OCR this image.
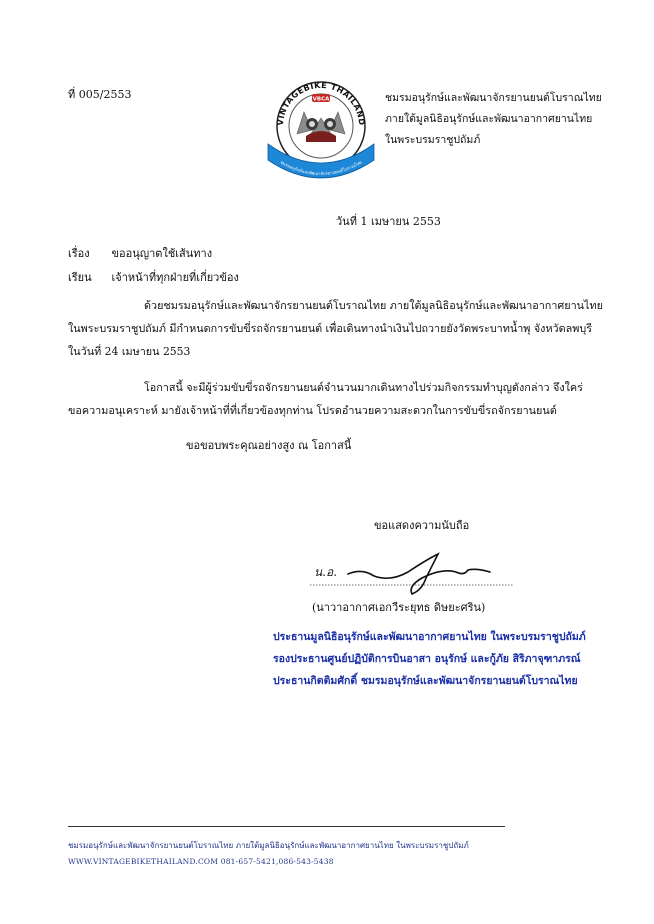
ที่ 005/2553
VINTAGEBIKE THAILAND
VBCA
ชมรมอนุรักษ์และพัฒนาจักรยานยนต์โบราณไทย
ชมรมอนุรักษ์และพัฒนาจักรยานยนต์โบราณไทย
ภายใต้มูลนิธิอนุรักษ์และพัฒนาอากาศยานไทย
ในพระบรมราชูปถัมภ์
วันที่ 1 เมษายน 2553
เรื่อง ขออนุญาตใช้เส้นทาง
เรียน เจ้าหน้าที่ทุกฝ่ายที่เกี่ยวข้อง
ด้วยชมรมอนุรักษ์และพัฒนาจักรยานยนต์โบราณไทย ภายใต้มูลนิธิอนุรักษ์และพัฒนาอากาศยานไทย
ในพระบรมราชูปถัมภ์ มีกำหนดการขับขี่รถจักรยานยนต์ เพื่อเดินทางนำเงินไปถวายยังวัดพระบาทน้ำพุ จังหวัดลพบุรี
ในวันที่ 24 เมษายน 2553
โอกาสนี้ จะมีผู้ร่วมขับขี่รถจักรยานยนต์จำนวนมากเดินทางไปร่วมกิจกรรมทำบุญดังกล่าว จึงใคร่
ขอความอนุเคราะห์ มายังเจ้าหน้าที่ที่เกี่ยวข้องทุกท่าน โปรดอำนวยความสะดวกในการขับขี่รถจักรยานยนต์
ขอขอบพระคุณอย่างสูง ณ โอกาสนี้
ขอแสดงความนับถือ
น.อ.
(นาวาอากาศเอกวีระยุทธ ดิษยะศริน)
ประธานมูลนิธิอนุรักษ์และพัฒนาอากาศยานไทย ในพระบรมราชูปถัมภ์
รองประธานศูนย์ปฏิบัติการบินอาสา อนุรักษ์ และกู้ภัย สิริภาจุฑาภรณ์
ประธานกิตติมศักดิ์ ชมรมอนุรักษ์และพัฒนาจักรยานยนต์โบราณไทย
ชมรมอนุรักษ์และพัฒนาจักรยานยนต์โบราณไทย ภายใต้มูลนิธิอนุรักษ์และพัฒนาอากาศยานไทย ในพระบรมราชูปถัมภ์
WWW.VINTAGEBIKETHAILAND.COM 081-657-5421,086-543-5438
